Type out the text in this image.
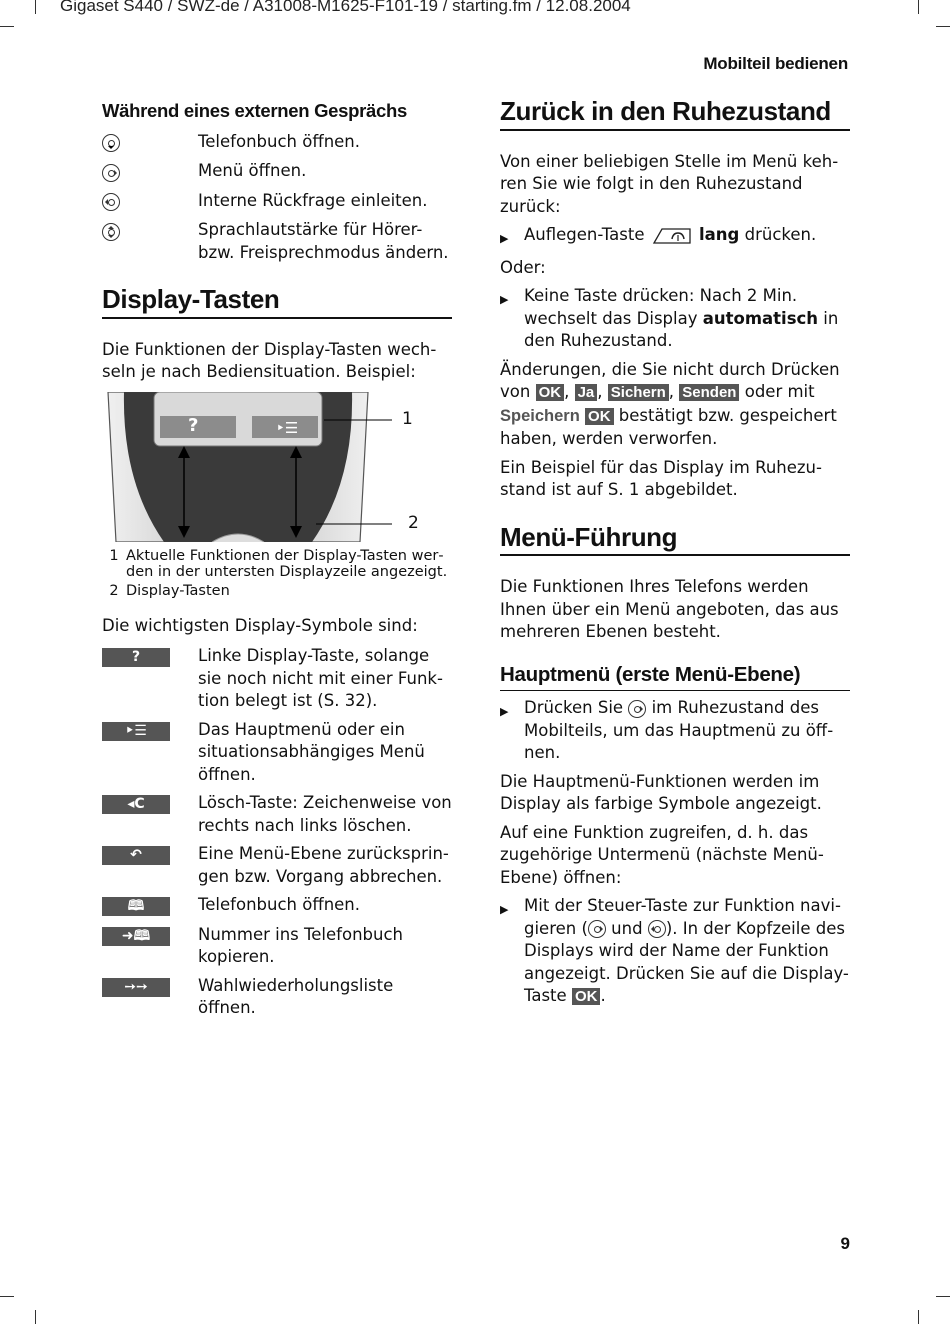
Gigaset S440 / SWZ-de / A31008-M1625-F101-19 / starting.fm / 12.08.2004
Mobilteil bedienen
9
Während eines externen Gesprächs
Telefonbuch öffnen.
Menü öffnen.
Interne Rückfrage einleiten.
Sprachlautstärke für Hörer- bzw. Freisprechmodus ändern.
Display-Tasten

Die Funktionen der Display-Tasten wechseln je nach Bediensituation. Beispiel:

?	‣☰	1
2
1 Aktuelle Funktionen der Display-Tasten werden in der untersten Displayzeile angezeigt.
2 Display-Tasten

Die wichtigsten Display-Symbole sind:

?	Linke Display-Taste, solange sie noch nicht mit einer Funktion belegt ist (S. 32).
‣☰	Das Hauptmenü oder ein situationsabhängiges Menü öffnen.
◂C	Lösch-Taste: Zeichenweise von rechts nach links löschen.
↶	Eine Menü-Ebene zurückspringen bzw. Vorgang abbrechen.
🕮	Telefonbuch öffnen.
➜🕮	Nummer ins Telefonbuch kopieren.
➙➙	Wahlwiederholungsliste öffnen.
Zurück in den Ruhezustand

Von einer beliebigen Stelle im Menü kehren Sie wie folgt in den Ruhezustand zurück:

▶ Auflegen-Taste	lang drücken.

Oder:

▶ Keine Taste drücken: Nach 2 Min. wechselt das Display automatisch in den Ruhezustand.

Änderungen, die Sie nicht durch Drücken von OK , Ja , Sichern , Senden oder mit Speichern OK bestätigt bzw. gespeichert haben, werden verworfen.

Ein Beispiel für das Display im Ruhezustand ist auf S. 1 abgebildet.

Menü-Führung

Die Funktionen Ihres Telefons werden Ihnen über ein Menü angeboten, das aus mehreren Ebenen besteht.

Hauptmenü (erste Menü-Ebene)
▶ Drücken Sie im Ruhezustand des Mobilteils, um das Hauptmenü zu öffnen.

Die Hauptmenü-Funktionen werden im Display als farbige Symbole angezeigt.

Auf eine Funktion zugreifen, d. h. das zugehörige Untermenü (nächste Menü-Ebene) öffnen:

▶ Mit der Steuer-Taste zur Funktion navigieren ( und ). In der Kopfzeile des Displays wird der Name der Funktion angezeigt. Drücken Sie auf die Display-Taste OK .
